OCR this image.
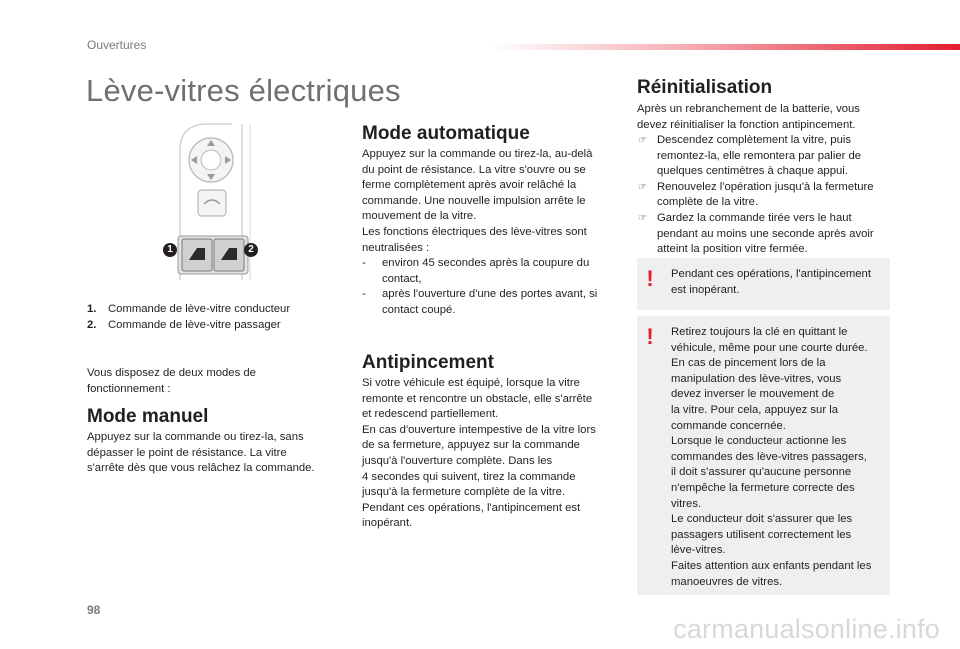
Ouvertures
Lève-vitres électriques
1	2
1. Commande de lève-vitre conducteur
2. Commande de lève-vitre passager
Vous disposez de deux modes de
fonctionnement :
Mode manuel
Appuyez sur la commande ou tirez-la, sans
dépasser le point de résistance. La vitre
s'arrête dès que vous relâchez la commande.
Mode automatique
Appuyez sur la commande ou tirez-la, au-delà
du point de résistance. La vitre s'ouvre ou se
ferme complètement après avoir relâché la
commande. Une nouvelle impulsion arrête le
mouvement de la vitre.
Les fonctions électriques des lève-vitres sont
neutralisées :
- environ 45 secondes après la coupure du
contact,
- après l'ouverture d'une des portes avant, si
contact coupé.
Antipincement
Si votre véhicule est équipé, lorsque la vitre
remonte et rencontre un obstacle, elle s'arrête
et redescend partiellement.
En cas d'ouverture intempestive de la vitre lors
de sa fermeture, appuyez sur la commande
jusqu'à l'ouverture complète. Dans les
4 secondes qui suivent, tirez la commande
jusqu'à la fermeture complète de la vitre.
Pendant ces opérations, l'antipincement est
inopérant.
Réinitialisation
Après un rebranchement de la batterie, vous
devez réinitialiser la fonction antipincement.
☞ Descendez complètement la vitre, puis
remontez-la, elle remontera par palier de
quelques centimètres à chaque appui.
☞ Renouvelez l'opération jusqu'à la fermeture
complète de la vitre.
☞ Gardez la commande tirée vers le haut
pendant au moins une seconde après avoir
atteint la position vitre fermée.
! Pendant ces opérations, l'antipincement
est inopérant.
! Retirez toujours la clé en quittant le
véhicule, même pour une courte durée.
En cas de pincement lors de la
manipulation des lève-vitres, vous
devez inverser le mouvement de
la vitre. Pour cela, appuyez sur la
commande concernée.
Lorsque le conducteur actionne les
commandes des lève-vitres passagers,
il doit s'assurer qu'aucune personne
n'empêche la fermeture correcte des
vitres.
Le conducteur doit s'assurer que les
passagers utilisent correctement les
lève-vitres.
Faites attention aux enfants pendant les
manoeuvres de vitres.
98
carmanualsonline.info
